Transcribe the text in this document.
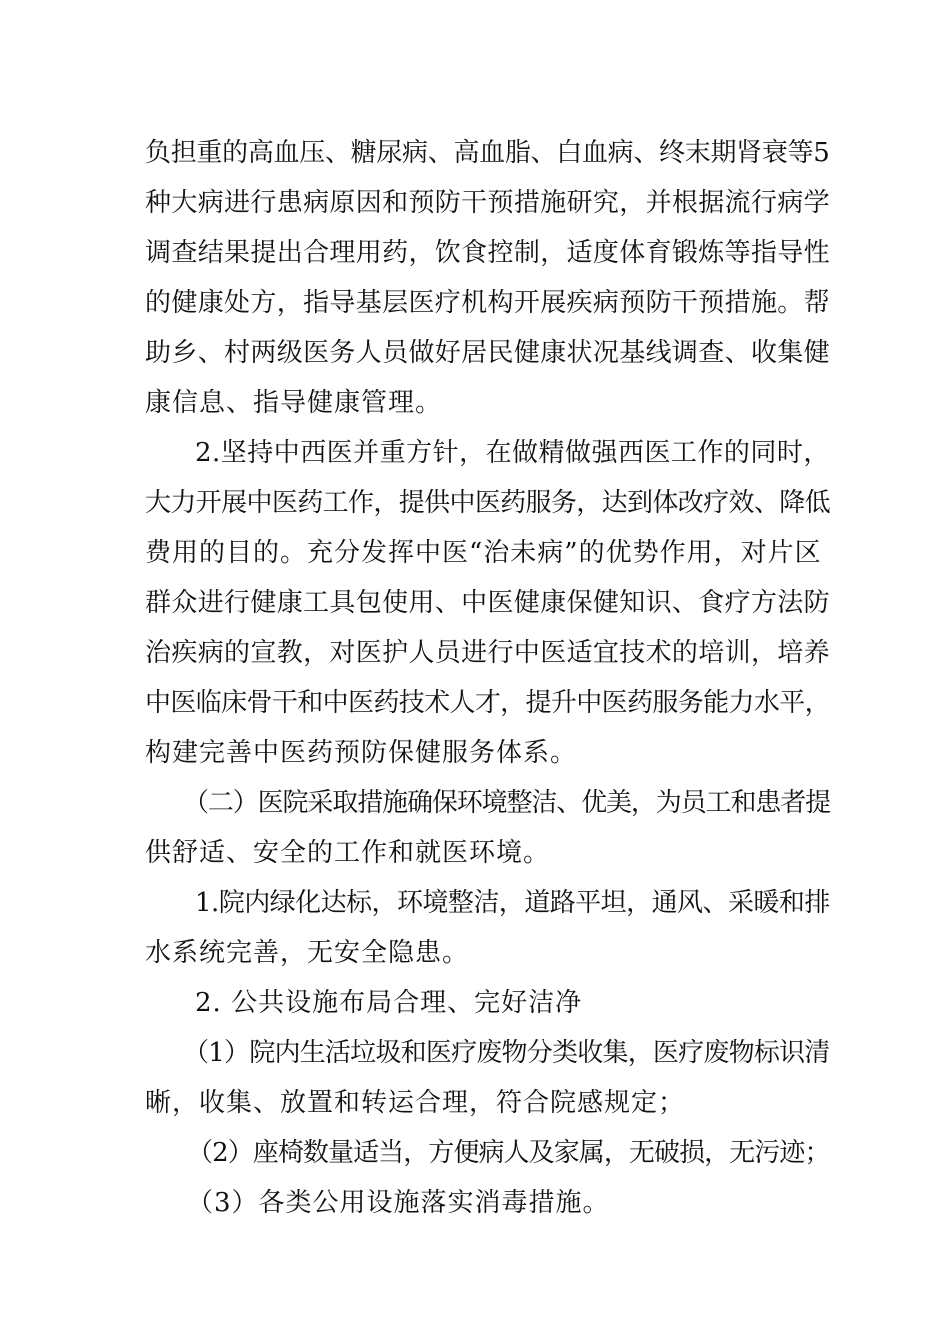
负担重的高血压、糖尿病、高血脂、白血病、终末期肾衰等5
种大病进行患病原因和预防干预措施研究，并根据流行病学
调查结果提出合理用药，饮食控制，适度体育锻炼等指导性
的健康处方，指导基层医疗机构开展疾病预防干预措施。帮
助乡、村两级医务人员做好居民健康状况基线调查、收集健
康信息、指导健康管理。
2.坚持中西医并重方针，在做精做强西医工作的同时，
大力开展中医药工作，提供中医药服务，达到体改疗效、降低
费用的目的。充分发挥中医“治未病”的优势作用，对片区
群众进行健康工具包使用、中医健康保健知识、食疗方法防
治疾病的宣教，对医护人员进行中医适宜技术的培训，培养
中医临床骨干和中医药技术人才，提升中医药服务能力水平，
构建完善中医药预防保健服务体系。
（二）医院采取措施确保环境整洁、优美，为员工和患者提
供舒适、安全的工作和就医环境。
1.院内绿化达标，环境整洁，道路平坦，通风、采暖和排
水系统完善，无安全隐患。
2. 公共设施布局合理、完好洁净
（1）院内生活垃圾和医疗废物分类收集，医疗废物标识清
晰，收集、放置和转运合理，符合院感规定；
（2）座椅数量适当，方便病人及家属，无破损，无污迹；
（3）各类公用设施落实消毒措施。
